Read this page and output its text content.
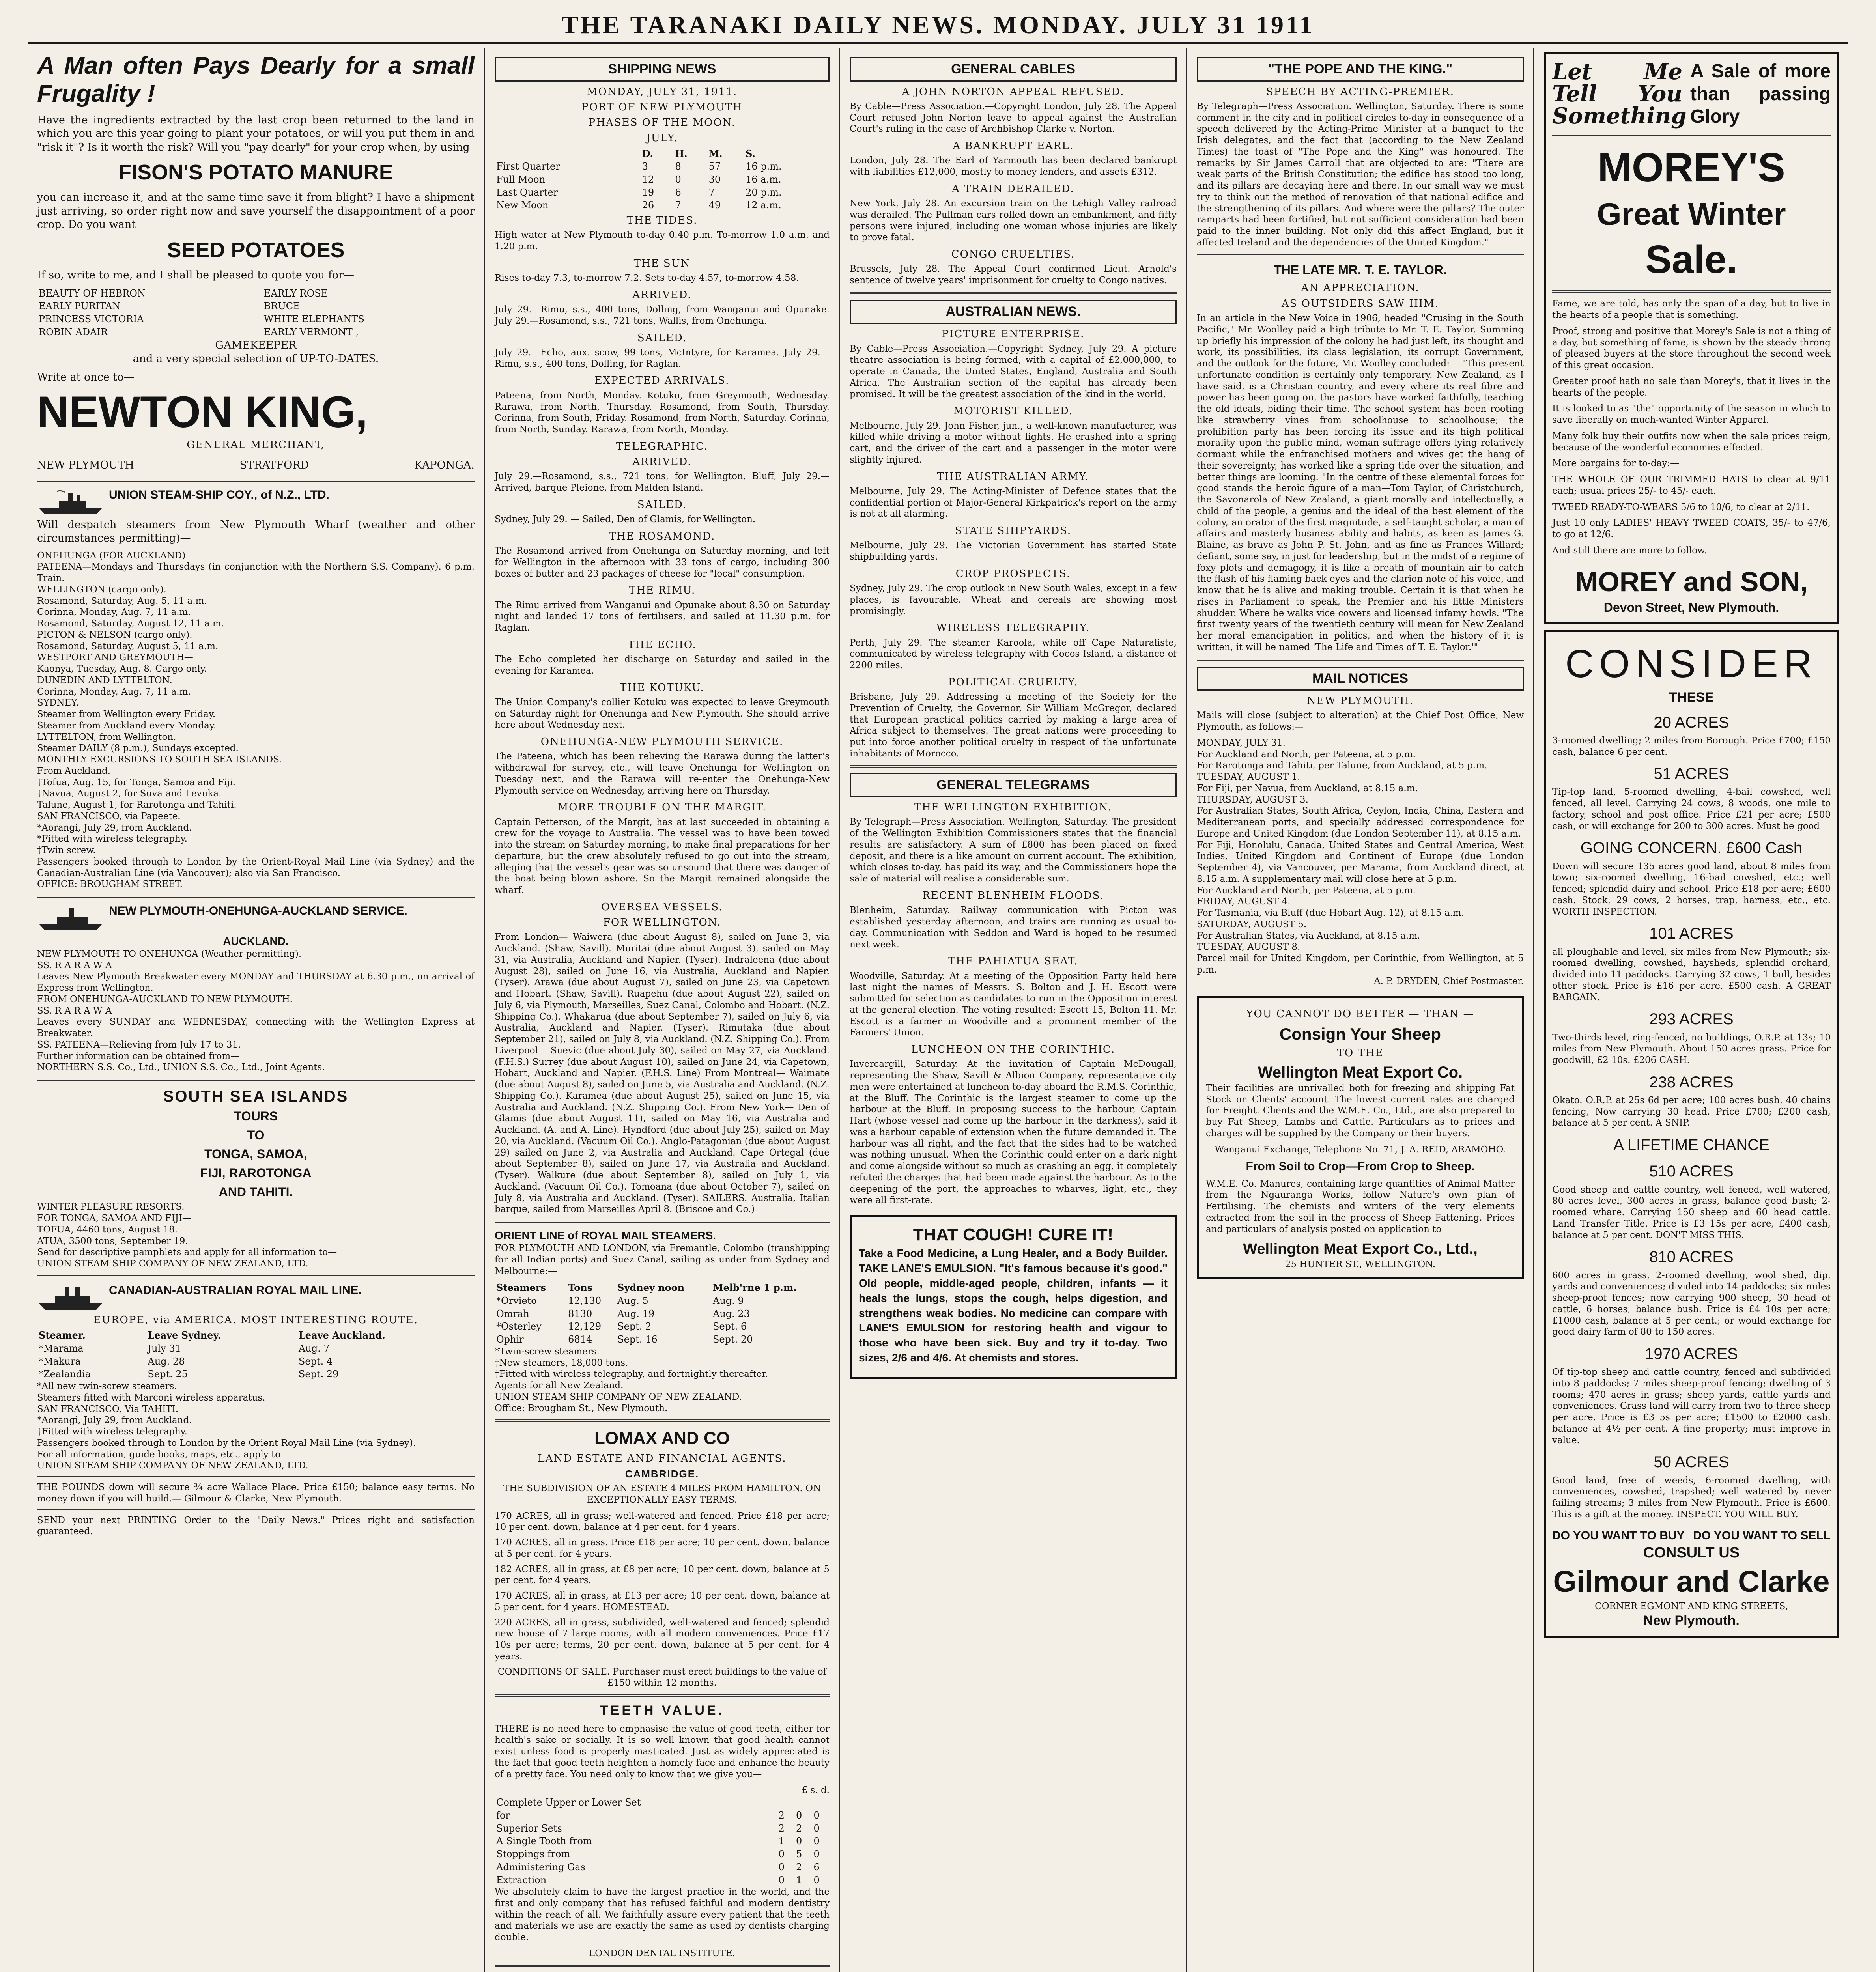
THE TARANAKI DAILY NEWS. MONDAY. JULY 31 1911
A Man often Pays Dearly for a small Frugality !

Have the ingredients extracted by the last crop been returned to the land in which you are this year going to plant your potatoes, or will you put them in and "risk it"? Is it worth the risk? Will you "pay dearly" for your crop when, by using

FISON'S POTATO MANURE

you can increase it, and at the same time save it from blight? I have a shipment just arriving, so order right now and save yourself the disappointment of a poor crop. Do you want

SEED POTATOES

If so, write to me, and I shall be pleased to quote you for—

BEAUTY OF HEBRON	EARLY ROSE
EARLY PURITAN	BRUCE
PRINCESS VICTORIA	WHITE ELEPHANTS
ROBIN ADAIR	EARLY VERMONT ,
GAMEKEEPER

and a very special selection of UP-TO-DATES.

Write at once to—

NEWTON KING,
GENERAL MERCHANT,
NEW PLYMOUTH	STRATFORD	KAPONGA.
UNION STEAM-SHIP COY., of N.Z., LTD.

Will despatch steamers from New Plymouth Wharf (weather and other circumstances permitting)—

ONEHUNGA (FOR AUCKLAND)—
PATEENA—Mondays and Thursdays (in conjunction with the Northern S.S. Company). 6 p.m. Train.
WELLINGTON (cargo only).
Rosamond, Saturday, Aug. 5, 11 a.m.
Corinna, Monday, Aug. 7, 11 a.m.
Rosamond, Saturday, August 12, 11 a.m.
PICTON & NELSON (cargo only).
Rosamond, Saturday, August 5, 11 a.m.
WESTPORT AND GREYMOUTH—
Kaonya, Tuesday, Aug. 8. Cargo only.
DUNEDIN AND LYTTELTON.
Corinna, Monday, Aug. 7, 11 a.m.
SYDNEY.
Steamer from Wellington every Friday.
Steamer from Auckland every Monday.
LYTTELTON, from Wellington.
Steamer DAILY (8 p.m.), Sundays excepted.
MONTHLY EXCURSIONS TO SOUTH SEA ISLANDS.
From Auckland.
†Tofua, Aug. 15, for Tonga, Samoa and Fiji.
†Navua, August 2, for Suva and Levuka.
Talune, August 1, for Rarotonga and Tahiti.
SAN FRANCISCO, via Papeete.
*Aorangi, July 29, from Auckland.
*Fitted with wireless telegraphy.
†Twin screw.
Passengers booked through to London by the Orient-Royal Mail Line (via Sydney) and the Canadian-Australian Line (via Vancouver); also via San Francisco.
OFFICE: BROUGHAM STREET.
NEW PLYMOUTH-ONEHUNGA-AUCKLAND SERVICE.
AUCKLAND.
NEW PLYMOUTH TO ONEHUNGA (Weather permitting).
SS. R A R A W A
Leaves New Plymouth Breakwater every MONDAY and THURSDAY at 6.30 p.m., on arrival of Express from Wellington.
FROM ONEHUNGA-AUCKLAND TO NEW PLYMOUTH.
SS. R A R A W A
Leaves every SUNDAY and WEDNESDAY, connecting with the Wellington Express at Breakwater.
SS. PATEENA—Relieving from July 17 to 31.
Further information can be obtained from—
NORTHERN S.S. Co., Ltd., UNION S.S. Co., Ltd., Joint Agents.
SOUTH SEA ISLANDS
TOURS
TO
TONGA, SAMOA,
FIJI, RAROTONGA
AND TAHITI.
WINTER PLEASURE RESORTS.
FOR TONGA, SAMOA AND FIJI—
TOFUA, 4460 tons, August 18.
ATUA, 3500 tons, September 19.
Send for descriptive pamphlets and apply for all information to—
UNION STEAM SHIP COMPANY OF NEW ZEALAND, LTD.
CANADIAN-AUSTRALIAN ROYAL MAIL LINE.
EUROPE, via AMERICA. MOST INTERESTING ROUTE.
Steamer.	Leave Sydney.	Leave Auckland.
*Marama	July 31	Aug. 7
*Makura	Aug. 28	Sept. 4
*Zealandia	Sept. 25	Sept. 29
*All new twin-screw steamers.
Steamers fitted with Marconi wireless apparatus.
SAN FRANCISCO, Via TAHITI.
*Aorangi, July 29, from Auckland.
†Fitted with wireless telegraphy.
Passengers booked through to London by the Orient Royal Mail Line (via Sydney).
For all information, guide books, maps, etc., apply to
UNION STEAM SHIP COMPANY OF NEW ZEALAND, LTD.

THE POUNDS down will secure ¾ acre Wallace Place. Price £150; balance easy terms. No money down if you will build.— Gilmour & Clarke, New Plymouth.

SEND your next PRINTING Order to the "Daily News." Prices right and satisfaction guaranteed.

SHIPPING NEWS
MONDAY, JULY 31, 1911.
PORT OF NEW PLYMOUTH
PHASES OF THE MOON.
JULY.
	D.	H.	M.	S.
First Quarter	3	8	57	16 p.m.
Full Moon	12	0	30	16 a.m.
Last Quarter	19	6	7	20 p.m.
New Moon	26	7	49	12 a.m.
THE TIDES.

High water at New Plymouth to-day 0.40 p.m. To-morrow 1.0 a.m. and 1.20 p.m.

THE SUN

Rises to-day 7.3, to-morrow 7.2. Sets to-day 4.57, to-morrow 4.58.

ARRIVED.

July 29.—Rimu, s.s., 400 tons, Dolling, from Wanganui and Opunake. July 29.—Rosamond, s.s., 721 tons, Wallis, from Onehunga.

SAILED.

July 29.—Echo, aux. scow, 99 tons, McIntyre, for Karamea. July 29.—Rimu, s.s., 400 tons, Dolling, for Raglan.

EXPECTED ARRIVALS.

Pateena, from North, Monday. Kotuku, from Greymouth, Wednesday. Rarawa, from North, Thursday. Rosamond, from South, Thursday. Corinna, from South, Friday. Rosamond, from North, Saturday. Corinna, from North, Sunday. Rarawa, from North, Monday.

TELEGRAPHIC.
ARRIVED.

July 29.—Rosamond, s.s., 721 tons, for Wellington. Bluff, July 29.—Arrived, barque Pleione, from Malden Island.

SAILED.

Sydney, July 29. — Sailed, Den of Glamis, for Wellington.

THE ROSAMOND.

The Rosamond arrived from Onehunga on Saturday morning, and left for Wellington in the afternoon with 33 tons of cargo, including 300 boxes of butter and 23 packages of cheese for "local" consumption.

THE RIMU.

The Rimu arrived from Wanganui and Opunake about 8.30 on Saturday night and landed 17 tons of fertilisers, and sailed at 11.30 p.m. for Raglan.

THE ECHO.

The Echo completed her discharge on Saturday and sailed in the evening for Karamea.

THE KOTUKU.

The Union Company's collier Kotuku was expected to leave Greymouth on Saturday night for Onehunga and New Plymouth. She should arrive here about Wednesday next.

ONEHUNGA-NEW PLYMOUTH SERVICE.

The Pateena, which has been relieving the Rarawa during the latter's withdrawal for survey, etc., will leave Onehunga for Wellington on Tuesday next, and the Rarawa will re-enter the Onehunga-New Plymouth service on Wednesday, arriving here on Thursday.

MORE TROUBLE ON THE MARGIT.

Captain Petterson, of the Margit, has at last succeeded in obtaining a crew for the voyage to Australia. The vessel was to have been towed into the stream on Saturday morning, to make final preparations for her departure, but the crew absolutely refused to go out into the stream, alleging that the vessel's gear was so unsound that there was danger of the boat being blown ashore. So the Margit remained alongside the wharf.

OVERSEA VESSELS.
FOR WELLINGTON.

From London— Waiwera (due about August 8), sailed on June 3, via Auckland. (Shaw, Savill). Muritai (due about August 3), sailed on May 31, via Australia, Auckland and Napier. (Tyser). Indraleena (due about August 28), sailed on June 16, via Australia, Auckland and Napier. (Tyser). Arawa (due about August 7), sailed on June 23, via Capetown and Hobart. (Shaw, Savill). Ruapehu (due about August 22), sailed on July 6, via Plymouth, Marseilles, Suez Canal, Colombo and Hobart. (N.Z. Shipping Co.). Whakarua (due about September 7), sailed on July 6, via Australia, Auckland and Napier. (Tyser). Rimutaka (due about September 21), sailed on July 8, via Auckland. (N.Z. Shipping Co.). From Liverpool— Suevic (due about July 30), sailed on May 27, via Auckland. (F.H.S.) Surrey (due about August 10), sailed on June 24, via Capetown, Hobart, Auckland and Napier. (F.H.S. Line) From Montreal— Waimate (due about August 8), sailed on June 5, via Australia and Auckland. (N.Z. Shipping Co.). Karamea (due about August 25), sailed on June 15, via Australia and Auckland. (N.Z. Shipping Co.). From New York— Den of Glamis (due about August 11), sailed on May 16, via Australia and Auckland. (A. and A. Line). Hyndford (due about July 25), sailed on May 20, via Auckland. (Vacuum Oil Co.). Anglo-Patagonian (due about August 29) sailed on June 2, via Australia and Auckland. Cape Ortegal (due about September 8), sailed on June 17, via Australia and Auckland. (Tyser). Walkure (due about September 8), sailed on July 1, via Auckland. (Vacuum Oil Co.). Tomoana (due about October 7), sailed on July 8, via Australia and Auckland. (Tyser). SAILERS. Australia, Italian barque, sailed from Marseilles April 8. (Briscoe and Co.)

ORIENT LINE of ROYAL MAIL STEAMERS.

FOR PLYMOUTH AND LONDON, via Fremantle, Colombo (transhipping for all Indian ports) and Suez Canal, sailing as under from Sydney and Melbourne:—

Steamers	Tons	Sydney noon	Melb'rne 1 p.m.
*Orvieto	12,130	Aug. 5	Aug. 9
Omrah	8130	Aug. 19	Aug. 23
*Osterley	12,129	Sept. 2	Sept. 6
Ophir	6814	Sept. 16	Sept. 20
*Twin-screw steamers.
†New steamers, 18,000 tons.
†Fitted with wireless telegraphy, and fortnightly thereafter.
Agents for all New Zealand.
UNION STEAM SHIP COMPANY OF NEW ZEALAND.
Office: Brougham St., New Plymouth.
LOMAX AND CO
LAND ESTATE AND FINANCIAL AGENTS.
CAMBRIDGE.

THE SUBDIVISION OF AN ESTATE 4 MILES FROM HAMILTON. ON EXCEPTIONALLY EASY TERMS.

170 ACRES, all in grass; well-watered and fenced. Price £18 per acre; 10 per cent. down, balance at 4 per cent. for 4 years.
170 ACRES, all in grass. Price £18 per acre; 10 per cent. down, balance at 5 per cent. for 4 years.
182 ACRES, all in grass, at £8 per acre; 10 per cent. down, balance at 5 per cent. for 4 years.
170 ACRES, all in grass, at £13 per acre; 10 per cent. down, balance at 5 per cent. for 4 years. HOMESTEAD.
220 ACRES, all in grass, subdivided, well-watered and fenced; splendid new house of 7 large rooms, with all modern conveniences. Price £17 10s per acre; terms, 20 per cent. down, balance at 5 per cent. for 4 years.

CONDITIONS OF SALE. Purchaser must erect buildings to the value of £150 within 12 months.

TEETH VALUE.

THERE is no need here to emphasise the value of good teeth, either for health's sake or socially. It is so well known that good health cannot exist unless food is properly masticated. Just as widely appreciated is the fact that good teeth heighten a homely face and enhance the beauty of a pretty face. You need only to know that we give you—

£ s. d.
Complete Upper or Lower Set			
for	2	0	0
Superior Sets	2	2	0
A Single Tooth from	1	0	0
Stoppings from	0	5	0
Administering Gas	0	2	6
Extraction	0	1	0

We absolutely claim to have the largest practice in the world, and the first and only company that has refused faithful and modern dentistry within the reach of all. We faithfully assure every patient that the teeth and materials we use are exactly the same as used by dentists charging double.

LONDON DENTAL INSTITUTE.

GENERAL CABLES
A JOHN NORTON APPEAL REFUSED.

By Cable—Press Association.—Copyright London, July 28. The Appeal Court refused John Norton leave to appeal against the Australian Court's ruling in the case of Archbishop Clarke v. Norton.

A BANKRUPT EARL.

London, July 28. The Earl of Yarmouth has been declared bankrupt with liabilities £12,000, mostly to money lenders, and assets £312.

A TRAIN DERAILED.

New York, July 28. An excursion train on the Lehigh Valley railroad was derailed. The Pullman cars rolled down an embankment, and fifty persons were injured, including one woman whose injuries are likely to prove fatal.

CONGO CRUELTIES.

Brussels, July 28. The Appeal Court confirmed Lieut. Arnold's sentence of twelve years' imprisonment for cruelty to Congo natives.

AUSTRALIAN NEWS.
PICTURE ENTERPRISE.

By Cable—Press Association.—Copyright Sydney, July 29. A picture theatre association is being formed, with a capital of £2,000,000, to operate in Canada, the United States, England, Australia and South Africa. The Australian section of the capital has already been promised. It will be the greatest association of the kind in the world.

MOTORIST KILLED.

Melbourne, July 29. John Fisher, jun., a well-known manufacturer, was killed while driving a motor without lights. He crashed into a spring cart, and the driver of the cart and a passenger in the motor were slightly injured.

THE AUSTRALIAN ARMY.

Melbourne, July 29. The Acting-Minister of Defence states that the confidential portion of Major-General Kirkpatrick's report on the army is not at all alarming.

STATE SHIPYARDS.

Melbourne, July 29. The Victorian Government has started State shipbuilding yards.

CROP PROSPECTS.

Sydney, July 29. The crop outlook in New South Wales, except in a few places, is favourable. Wheat and cereals are showing most promisingly.

WIRELESS TELEGRAPHY.

Perth, July 29. The steamer Karoola, while off Cape Naturaliste, communicated by wireless telegraphy with Cocos Island, a distance of 2200 miles.

POLITICAL CRUELTY.

Brisbane, July 29. Addressing a meeting of the Society for the Prevention of Cruelty, the Governor, Sir William McGregor, declared that European practical politics carried by making a large area of Africa subject to themselves. The great nations were proceeding to put into force another political cruelty in respect of the unfortunate inhabitants of Morocco.

GENERAL TELEGRAMS
THE WELLINGTON EXHIBITION.

By Telegraph—Press Association. Wellington, Saturday. The president of the Wellington Exhibition Commissioners states that the financial results are satisfactory. A sum of £800 has been placed on fixed deposit, and there is a like amount on current account. The exhibition, which closes to-day, has paid its way, and the Commissioners hope the sale of material will realise a considerable sum.

RECENT BLENHEIM FLOODS.

Blenheim, Saturday. Railway communication with Picton was established yesterday afternoon, and trains are running as usual to-day. Communication with Seddon and Ward is hoped to be resumed next week.

THE PAHIATUA SEAT.

Woodville, Saturday. At a meeting of the Opposition Party held here last night the names of Messrs. S. Bolton and J. H. Escott were submitted for selection as candidates to run in the Opposition interest at the general election. The voting resulted: Escott 15, Bolton 11. Mr. Escott is a farmer in Woodville and a prominent member of the Farmers' Union.

LUNCHEON ON THE CORINTHIC.

Invercargill, Saturday. At the invitation of Captain McDougall, representing the Shaw, Savill & Albion Company, representative city men were entertained at luncheon to-day aboard the R.M.S. Corinthic, at the Bluff. The Corinthic is the largest steamer to come up the harbour at the Bluff. In proposing success to the harbour, Captain Hart (whose vessel had come up the harbour in the darkness), said it was a harbour capable of extension when the future demanded it. The harbour was all right, and the fact that the sides had to be watched was nothing unusual. When the Corinthic could enter on a dark night and come alongside without so much as crashing an egg, it completely refuted the charges that had been made against the harbour. As to the deepening of the port, the approaches to wharves, light, etc., they were all first-rate.

THAT COUGH! CURE IT!

Take a Food Medicine, a Lung Healer, and a Body Builder. TAKE LANE'S EMULSION. "It's famous because it's good." Old people, middle-aged people, children, infants — it heals the lungs, stops the cough, helps digestion, and strengthens weak bodies. No medicine can compare with LANE'S EMULSION for restoring health and vigour to those who have been sick. Buy and try it to-day. Two sizes, 2/6 and 4/6. At chemists and stores.

"THE POPE AND THE KING."
SPEECH BY ACTING-PREMIER.

By Telegraph—Press Association. Wellington, Saturday. There is some comment in the city and in political circles to-day in consequence of a speech delivered by the Acting-Prime Minister at a banquet to the Irish delegates, and the fact that (according to the New Zealand Times) the toast of "The Pope and the King" was honoured. The remarks by Sir James Carroll that are objected to are: "There are weak parts of the British Constitution; the edifice has stood too long, and its pillars are decaying here and there. In our small way we must try to think out the method of renovation of that national edifice and the strengthening of its pillars. And where were the pillars? The outer ramparts had been fortified, but not sufficient consideration had been paid to the inner building. Not only did this affect England, but it affected Ireland and the dependencies of the United Kingdom."

THE LATE MR. T. E. TAYLOR.
AN APPRECIATION.
AS OUTSIDERS SAW HIM.

In an article in the New Voice in 1906, headed "Crusing in the South Pacific," Mr. Woolley paid a high tribute to Mr. T. E. Taylor. Summing up briefly his impression of the colony he had just left, its thought and work, its possibilities, its class legislation, its corrupt Government, and the outlook for the future, Mr. Woolley concluded:— "This present unfortunate condition is certainly only temporary. New Zealand, as I have said, is a Christian country, and every where its real fibre and power has been going on, the pastors have worked faithfully, teaching the old ideals, biding their time. The school system has been rooting like strawberry vines from schoolhouse to schoolhouse; the prohibition party has been forcing its issue and its high political morality upon the public mind, woman suffrage offers lying relatively dormant while the enfranchised mothers and wives get the hang of their sovereignty, has worked like a spring tide over the situation, and better things are looming. "In the centre of these elemental forces for good stands the heroic figure of a man—Tom Taylor, of Christchurch, the Savonarola of New Zealand, a giant morally and intellectually, a child of the people, a genius and the ideal of the best element of the colony, an orator of the first magnitude, a self-taught scholar, a man of affairs and masterly business ability and habits, as keen as James G. Blaine, as brave as John P. St. John, and as fine as Frances Willard; defiant, some say, in just for leadership, but in the midst of a regime of foxy plots and demagogy, it is like a breath of mountain air to catch the flash of his flaming back eyes and the clarion note of his voice, and know that he is alive and making trouble. Certain it is that when he rises in Parliament to speak, the Premier and his little Ministers shudder. Where he walks vice cowers and licensed infamy howls. "The first twenty years of the twentieth century will mean for New Zealand her moral emancipation in politics, and when the history of it is written, it will be named 'The Life and Times of T. E. Taylor.'"

MAIL NOTICES
NEW PLYMOUTH.

Mails will close (subject to alteration) at the Chief Post Office, New Plymouth, as follows:—

MONDAY, JULY 31.
For Auckland and North, per Pateena, at 5 p.m.
For Rarotonga and Tahiti, per Talune, from Auckland, at 5 p.m.
TUESDAY, AUGUST 1.
For Fiji, per Navua, from Auckland, at 8.15 a.m.
THURSDAY, AUGUST 3.
For Australian States, South Africa, Ceylon, India, China, Eastern and Mediterranean ports, and specially addressed correspondence for Europe and United Kingdom (due London September 11), at 8.15 a.m.
For Fiji, Honolulu, Canada, United States and Central America, West Indies, United Kingdom and Continent of Europe (due London September 4), via Vancouver, per Marama, from Auckland direct, at 8.15 a.m. A supplementary mail will close here at 5 p.m.
For Auckland and North, per Pateena, at 5 p.m.
FRIDAY, AUGUST 4.
For Tasmania, via Bluff (due Hobart Aug. 12), at 8.15 a.m.
SATURDAY, AUGUST 5.
For Australian States, via Auckland, at 8.15 a.m.
TUESDAY, AUGUST 8.
Parcel mail for United Kingdom, per Corinthic, from Wellington, at 5 p.m.
A. P. DRYDEN, Chief Postmaster.
YOU CANNOT DO BETTER — THAN —
Consign Your Sheep
TO THE
Wellington Meat Export Co.

Their facilities are unrivalled both for freezing and shipping Fat Stock on Clients' account. The lowest current rates are charged for Freight. Clients and the W.M.E. Co., Ltd., are also prepared to buy Fat Sheep, Lambs and Cattle. Particulars as to prices and charges will be supplied by the Company or their buyers.

Wanganui Exchange, Telephone No. 71, J. A. REID, ARAMOHO.
From Soil to Crop—From Crop to Sheep.

W.M.E. Co. Manures, containing large quantities of Animal Matter from the Ngauranga Works, follow Nature's own plan of Fertilising. The chemists and writers of the very elements extracted from the soil in the process of Sheep Fattening. Prices and particulars of analysis posted on application to

Wellington Meat Export Co., Ltd.,
25 HUNTER ST., WELLINGTON.
Let Me Tell You Something
A Sale of more than passing Glory
MOREY'S
Great Winter
Sale.
Fame, we are told, has only the span of a day, but to live in the hearts of a people that is something.
Proof, strong and positive that Morey's Sale is not a thing of a day, but something of fame, is shown by the steady throng of pleased buyers at the store throughout the second week of this great occasion.
Greater proof hath no sale than Morey's, that it lives in the hearts of the people.
It is looked to as "the" opportunity of the season in which to save liberally on much-wanted Winter Apparel.
Many folk buy their outfits now when the sale prices reign, because of the wonderful economies effected.
More bargains for to-day:—
THE WHOLE OF OUR TRIMMED HATS to clear at 9/11 each; usual prices 25/- to 45/- each.
TWEED READY-TO-WEARS 5/6 to 10/6, to clear at 2/11.
Just 10 only LADIES' HEAVY TWEED COATS, 35/- to 47/6, to go at 12/6.
And still there are more to follow.
MOREY and SON,
Devon Street, New Plymouth.
CONSIDER
THESE
20 ACRES
3-roomed dwelling; 2 miles from Borough. Price £700; £150 cash, balance 6 per cent.
51 ACRES
Tip-top land, 5-roomed dwelling, 4-bail cowshed, well fenced, all level. Carrying 24 cows, 8 woods, one mile to factory, school and post office. Price £21 per acre; £500 cash, or will exchange for 200 to 300 acres. Must be good
GOING CONCERN. £600 Cash
Down will secure 135 acres good land, about 8 miles from town; six-roomed dwelling, 16-bail cowshed, etc.; well fenced; splendid dairy and school. Price £18 per acre; £600 cash. Stock, 29 cows, 2 horses, trap, harness, etc., etc. WORTH INSPECTION.
101 ACRES
all ploughable and level, six miles from New Plymouth; six-roomed dwelling, cowshed, haysheds, splendid orchard, divided into 11 paddocks. Carrying 32 cows, 1 bull, besides other stock. Price is £16 per acre. £500 cash. A GREAT BARGAIN.
293 ACRES
Two-thirds level, ring-fenced, no buildings, O.R.P. at 13s; 10 miles from New Plymouth. About 150 acres grass. Price for goodwill, £2 10s. £206 CASH.
238 ACRES
Okato. O.R.P. at 25s 6d per acre; 100 acres bush, 40 chains fencing, Now carrying 30 head. Price £700; £200 cash, balance at 5 per cent. A SNIP.
A LIFETIME CHANCE
510 ACRES
Good sheep and cattle country, well fenced, well watered, 80 acres level, 300 acres in grass, balance good bush; 2-roomed whare. Carrying 150 sheep and 60 head cattle. Land Transfer Title. Price is £3 15s per acre, £400 cash, balance at 5 per cent. DON'T MISS THIS.
810 ACRES
600 acres in grass, 2-roomed dwelling, wool shed, dip, yards and conveniences; divided into 14 paddocks; six miles sheep-proof fences; now carrying 900 sheep, 30 head of cattle, 6 horses, balance bush. Price is £4 10s per acre; £1000 cash, balance at 5 per cent.; or would exchange for good dairy farm of 80 to 150 acres.
1970 ACRES
Of tip-top sheep and cattle country, fenced and subdivided into 8 paddocks; 7 miles sheep-proof fencing; dwelling of 3 rooms; 470 acres in grass; sheep yards, cattle yards and conveniences. Grass land will carry from two to three sheep per acre. Price is £3 5s per acre; £1500 to £2000 cash, balance at 4½ per cent. A fine property; must improve in value.
50 ACRES
Good land, free of weeds, 6-roomed dwelling, with conveniences, cowshed, trapshed; well watered by never failing streams; 3 miles from New Plymouth. Price is £600. This is a gift at the money. INSPECT. YOU WILL BUY.
DO YOU WANT TO BUY DO YOU WANT TO SELL
CONSULT US
Gilmour and Clarke
CORNER EGMONT AND KING STREETS,
New Plymouth.
